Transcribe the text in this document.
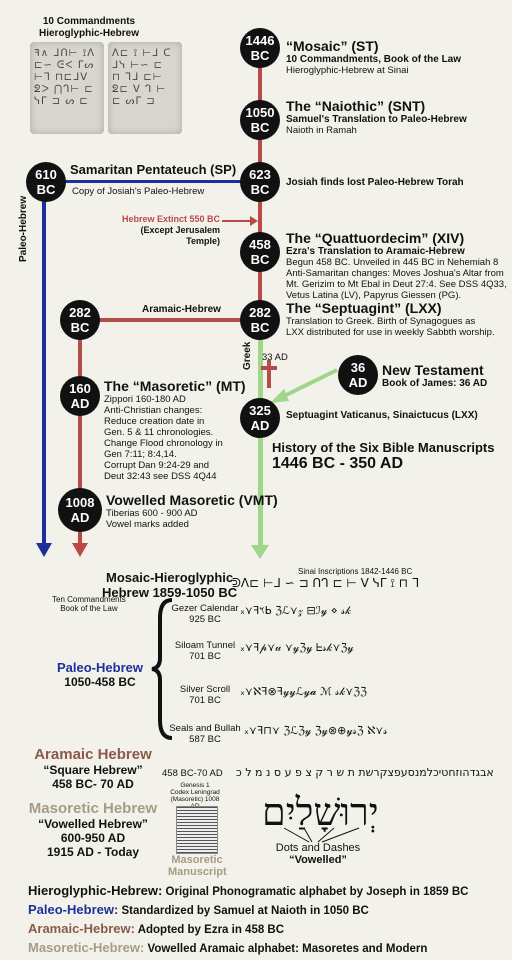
33 AD
10 Commandments
Hieroglyphic-Hebrew
ꟻ∧ ᒧᑎ⊢ ⟟ᐱ
⊏∽ ᕮᐸ ᒥᔕ
⊢ᒣ ⊓⊏ᒧᐯ
ᘖᐳ ⋂ᒉ⊢ ⊏
ᓭᒥ ⊐ ᔕ ⊏
ᐱ⊏ ⟟ ⊢ᒧ ᑕ
ᒧᓭ ⊢∽ ⊏
⊓ ᒣᒧ ⊏⊢
ᘖ⊏ ᐯ ᒉ ⊢
⊏ ᔕᒥ ⊐
1446
BC
1050
BC
623
BC
610
BC
458
BC
282
BC
282
BC
160
AD
1008
AD
36
AD
325
AD
“Mosaic” (ST)
10 Commandments, Book of the Law
Hieroglyphic-Hebrew at Sinai
The “Naiothic” (SNT)
Samuel's Translation to Paleo-Hebrew
Naioth in Ramah
Samaritan Pentateuch (SP)
Copy of Josiah's Paleo-Hebrew
Josiah finds lost Paleo-Hebrew Torah
Hebrew Extinct 550 BC
(Except Jerusalem Temple)	The “Quattuordecim” (XIV)
Ezra's Translation to Aramaic-Hebrew
Begun 458 BC. Unveiled in 445 BC in Nehemiah 8
Anti-Samaritan changes: Moves Joshua's Altar from
Mt. Gerizim to Mt Ebal in Deut 27:4. See DSS 4Q33,
Vetus Latina (LV), Papyrus Giessen (PG).
Aramaic-Hebrew	The “Septuagint” (LXX)
Translation to Greek. Birth of Synagogues as
LXX distributed for use in weekly Sabbth worship.
Paleo-Hebrew
Greek	New Testament
Book of James: 36 AD
Septuagint Vaticanus, Sinaictucus (LXX)
The “Masoretic” (MT)
Zippori 160-180 AD
Anti-Christian changes:
Reduce creation date in
Gen. 5 & 11 chronologies.
Change Flood chronology in
Gen 7:11; 8:4,14.
Corrupt Dan 9:24-29 and
Deut 32:43 see DSS 4Q44
History of the Six Bible Manuscripts
1446 BC - 350 AD
Vowelled Masoretic (VMT)
Tiberias 600 - 900 AD
Vowel marks added
Mosaic-Hieroglyphic
Hebrew 1859-1050 BC
Ten Commandments
Book of the Law
Sinai Inscriptions 1842-1446 BC
ᕲᐱ⊏ ⊢ᒧ ∽ ⊐ ᑎᒉ ⊏ ⊢ ᐯ ᓭᒥ ⟟ ⊓ ᒣ
Gezer Calendar
925 BC
ₓ⋎ꟻ𐤅ᖯ ℨℒ⋎𝓏 ⊟ℐ𝓎 ⋄ 𝓈𝓀
Siloam Tunnel
701 BC
ₓ⋎ꟻ𝓅⋎𝓊 ⋎𝓎ℨ𝓎 ᖶ𝓈𝓀⋎ℨ𝓎
Silver Scroll
701 BC
ₓ⋎ℵꟻ⊗ꟻ𝓎𝓎ℒ𝓎𝓪 ℳ 𝓈𝓀⋎ℨℨ
Seals and Bullah
587 BC
ₓ⋎ꟻ⊓⋎ ℨℒℨ𝓎 ℨ𝓎⊗⊕𝓎𝓈ℨ ℵ⋎𝓈
Paleo-Hebrew
1050-458 BC
Aramaic Hebrew
“Square Hebrew”
458 BC- 70 AD
458 BC-70 AD אבגדהוזחטיכלמנסעפצקרשת ת ש ר ק צ פ ע ס נ מ ל כ
Masoretic Hebrew
“Vowelled Hebrew”
600-950 AD
1915 AD - Today
Genesis 1
Codex Leningrad
(Masoretic) 1008
Masoretic
Manuscript
יְרוּשָׁלַיִם
Dots and Dashes
“Vowelled”
Hieroglyphic-Hebrew: Original Phonogramatic alphabet by Joseph in 1859 BC
Paleo-Hebrew: Standardized by Samuel at Naioth in 1050 BC
Aramaic-Hebrew: Adopted by Ezra in 458 BC
Masoretic-Hebrew: Vowelled Aramaic alphabet: Masoretes and Modern
